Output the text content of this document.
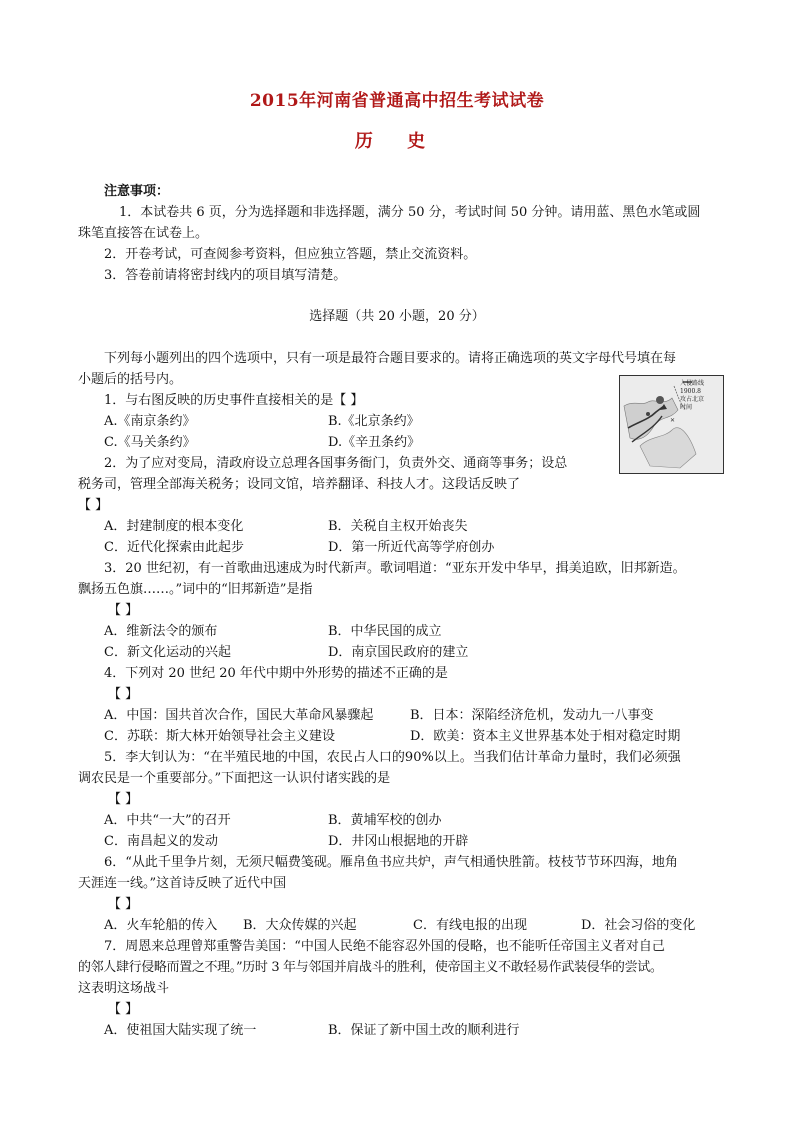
2015年河南省普通高中招生考试试卷
历 史
注意事项：
1．本试卷共 6 页，分为选择题和非选择题，满分 50 分，考试时间 50 分钟。请用蓝、黑色水笔或圆
珠笔直接答在试卷上。
2．开卷考试，可查阅参考资料，但应独立答题，禁止交流资料。
3．答卷前请将密封线内的项目填写清楚。
选择题（共 20 小题，20 分）
下列每小题列出的四个选项中，只有一项是最符合题目要求的。请将正确选项的英文字母代号填在每
小题后的括号内。
1．与右图反映的历史事件直接相关的是【 】
A.《南京条约》	B.《北京条约》
C.《马关条约》	D.《辛丑条约》
2．为了应对变局，清政府设立总理各国事务衙门，负责外交、通商等事务；设总
税务司，管理全部海关税务；设同文馆，培养翻译、科技人才。这段话反映了
【 】
A．封建制度的根本变化	B．关税自主权开始丧失
C．近代化探索由此起步	D．第一所近代高等学府创办
3．20 世纪初，有一首歌曲迅速成为时代新声。歌词唱道：“亚东开发中华早，揖美追欧，旧邦新造。
飘扬五色旗……。”词中的“旧邦新造”是指
【 】
A．维新法令的颁布	B．中华民国的成立
C．新文化运动的兴起	D．南京国民政府的建立
4．下列对 20 世纪 20 年代中期中外形势的描述不正确的是
【 】
A．中国：国共首次合作，国民大革命风暴骤起	B．日本：深陷经济危机，发动九一八事变
C．苏联：斯大林开始领导社会主义建设	D．欧美：资本主义世界基本处于相对稳定时期
5．李大钊认为：“在半殖民地的中国，农民占人口的90%以上。当我们估计革命力量时，我们必须强
调农民是一个重要部分。”下面把这一认识付诸实践的是
【 】
A．中共“一大”的召开	B．黄埔军校的创办
C．南昌起义的发动	D．井冈山根据地的开辟
6．“从此千里争片刻，无须尺幅费笺砚。雁帛鱼书应共炉，声气相通快胜箭。枝枝节节环四海，地角
天涯连一线。”这首诗反映了近代中国
【 】
A．火车轮船的传入 B．大众传媒的兴起	C．有线电报的出现	D．社会习俗的变化
7．周恩来总理曾郑重警告美国：“中国人民绝不能容忍外国的侵略，也不能听任帝国主义者对自己
的邻人肆行侵略而置之不理。”历时 3 年与邻国并肩战斗的胜利，使帝国主义不敢轻易作武装侵华的尝试。
这表明这场战斗
【 】
A．使祖国大陆实现了统一	B．保证了新中国土改的顺利进行
✕
入侵路线
1900.8
攻占北京
时间
